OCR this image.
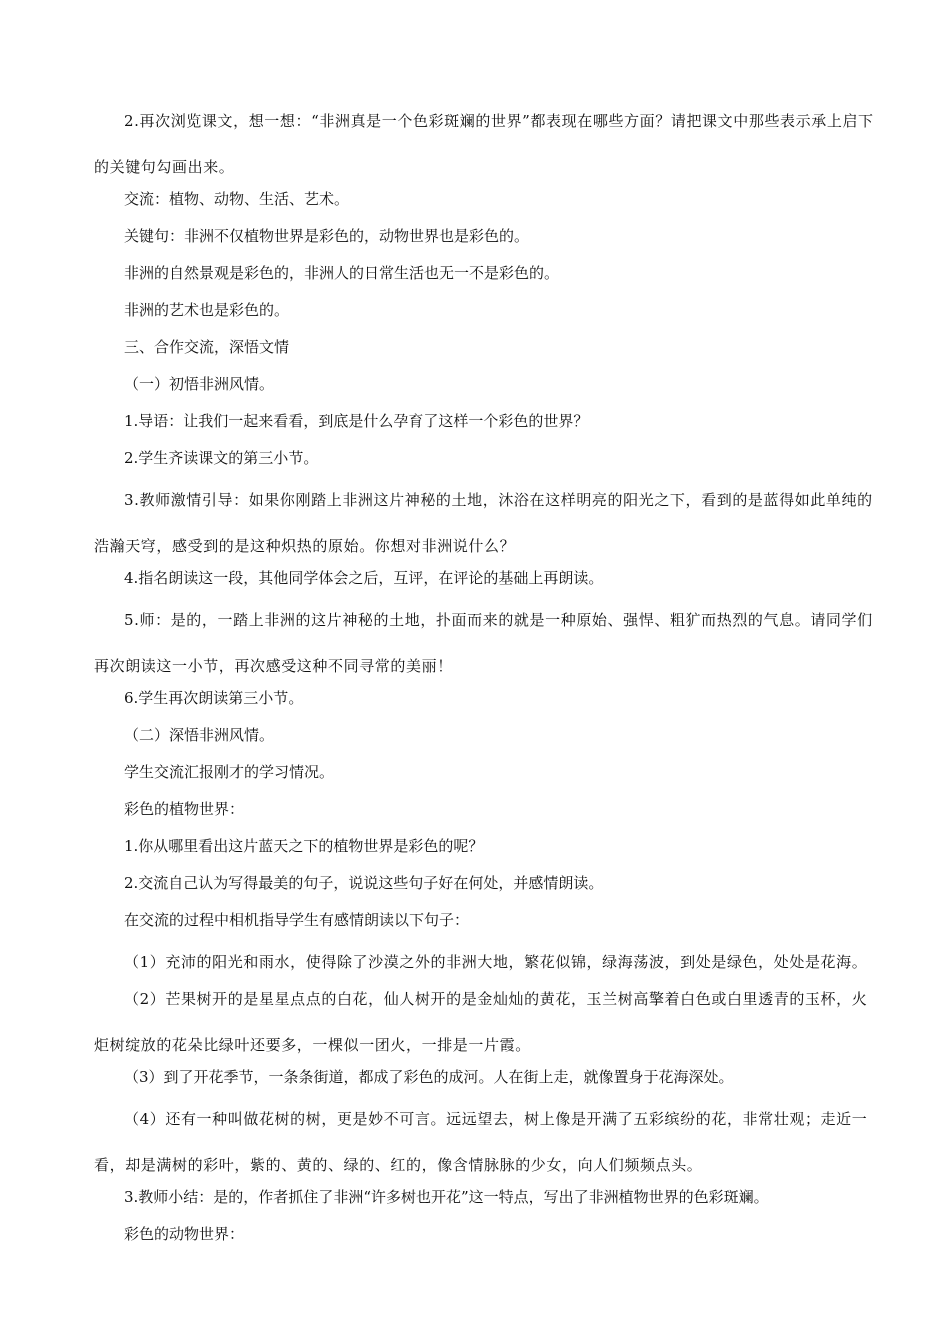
2.再次浏览课文，想一想：“非洲真是一个色彩斑斓的世界”都表现在哪些方面？请把课文中那些表示承上启下的关键句勾画出来。

交流：植物、动物、生活、艺术。

关键句：非洲不仅植物世界是彩色的，动物世界也是彩色的。

非洲的自然景观是彩色的，非洲人的日常生活也无一不是彩色的。

非洲的艺术也是彩色的。

三、合作交流，深悟文情

（一）初悟非洲风情。

1.导语：让我们一起来看看，到底是什么孕育了这样一个彩色的世界？

2.学生齐读课文的第三小节。

3.教师激情引导：如果你刚踏上非洲这片神秘的土地，沐浴在这样明亮的阳光之下，看到的是蓝得如此单纯的浩瀚天穹，感受到的是这种炽热的原始。你想对非洲说什么？

4.指名朗读这一段，其他同学体会之后，互评，在评论的基础上再朗读。

5.师：是的，一踏上非洲的这片神秘的土地，扑面而来的就是一种原始、强悍、粗犷而热烈的气息。请同学们再次朗读这一小节，再次感受这种不同寻常的美丽！

6.学生再次朗读第三小节。

（二）深悟非洲风情。

学生交流汇报刚才的学习情况。

彩色的植物世界：

1.你从哪里看出这片蓝天之下的植物世界是彩色的呢？

2.交流自己认为写得最美的句子，说说这些句子好在何处，并感情朗读。

在交流的过程中相机指导学生有感情朗读以下句子：

（1）充沛的阳光和雨水，使得除了沙漠之外的非洲大地，繁花似锦，绿海荡波，到处是绿色，处处是花海。

（2）芒果树开的是星星点点的白花，仙人树开的是金灿灿的黄花，玉兰树高擎着白色或白里透青的玉杯，火炬树绽放的花朵比绿叶还要多，一棵似一团火，一排是一片霞。

（3）到了开花季节，一条条街道，都成了彩色的成河。人在街上走，就像置身于花海深处。

（4）还有一种叫做花树的树，更是妙不可言。远远望去，树上像是开满了五彩缤纷的花，非常壮观；走近一看，却是满树的彩叶，紫的、黄的、绿的、红的，像含情脉脉的少女，向人们频频点头。

3.教师小结：是的，作者抓住了非洲“许多树也开花”这一特点，写出了非洲植物世界的色彩斑斓。

彩色的动物世界：
